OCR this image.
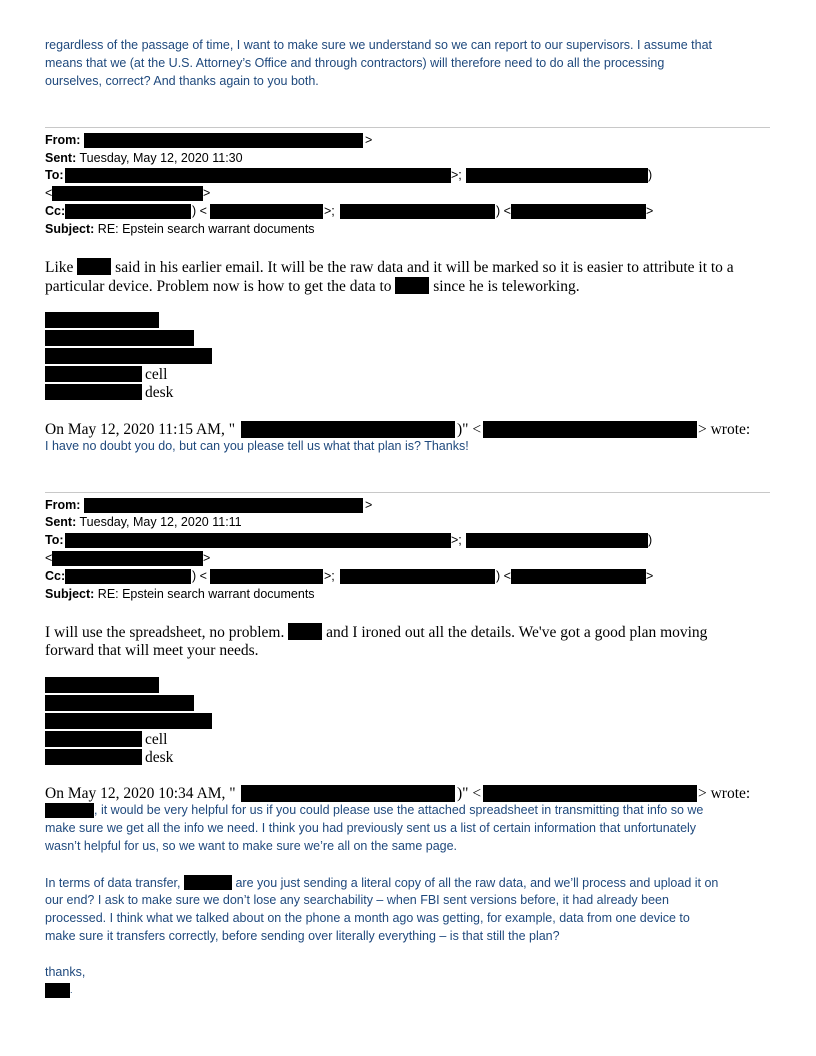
regardless of the passage of time, I want to make sure we understand so we can report to our supervisors. I assume that
means that we (at the U.S. Attorney’s Office and through contractors) will therefore need to do all the processing
ourselves, correct? And thanks again to you both.
From:	>
Sent: Tuesday, May 12, 2020 11:30
To:	>;	)
<	>
Cc:	) <	>;	) <	>
Subject: RE: Epstein search warrant documents
Like	said in his earlier email. It will be the raw data and it will be marked so it is easier to attribute it to a
particular device. Problem now is how to get the data to	since he is teleworking.
cell
desk
On May 12, 2020 11:15 AM, "	)" <	> wrote:
I have no doubt you do, but can you please tell us what that plan is? Thanks!
From:	>
Sent: Tuesday, May 12, 2020 11:11
To:	>;	)
<	>
Cc:	) <	>;	) <	>
Subject: RE: Epstein search warrant documents
I will use the spreadsheet, no problem.	and I ironed out all the details. We've got a good plan moving
forward that will meet your needs.
cell
desk
On May 12, 2020 10:34 AM, "	)" <	> wrote:
, it would be very helpful for us if you could please use the attached spreadsheet in transmitting that info so we
make sure we get all the info we need. I think you had previously sent us a list of certain information that unfortunately
wasn’t helpful for us, so we want to make sure we’re all on the same page.
In terms of data transfer,	are you just sending a literal copy of all the raw data, and we’ll process and upload it on
our end? I ask to make sure we don’t lose any searchability – when FBI sent versions before, it had already been
processed. I think what we talked about on the phone a month ago was getting, for example, data from one device to
make sure it transfers correctly, before sending over literally everything – is that still the plan?
thanks,
.
